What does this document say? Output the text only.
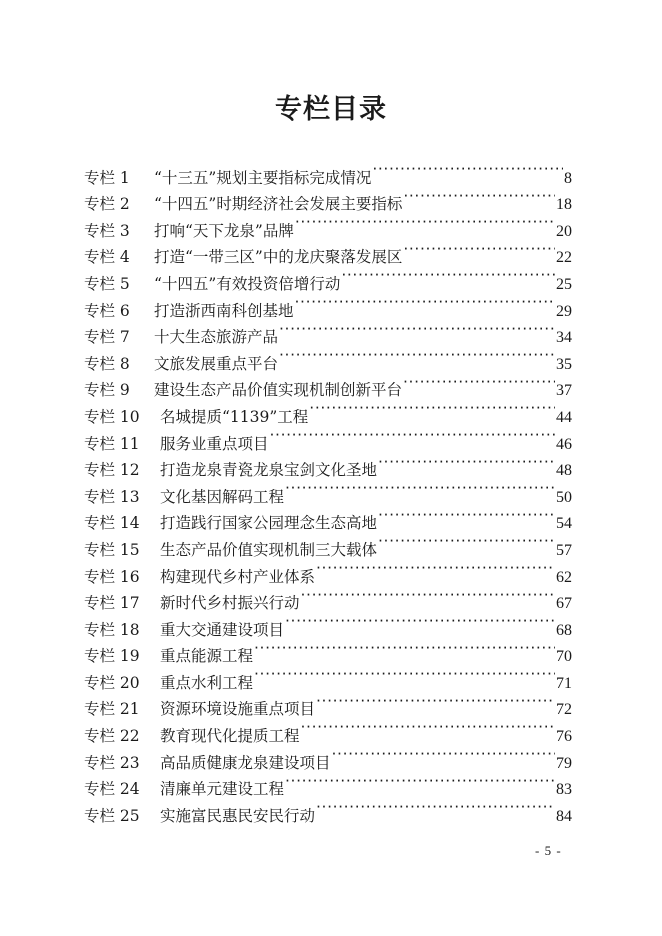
专栏目录
专栏 1	“十三五”规划主要指标完成情况 ·····	8
专栏 2	“十四五”时期经济社会发展主要指标 ·····	18
专栏 3	打响“天下龙泉”品牌 ·····	20
专栏 4	打造“一带三区”中的龙庆聚落发展区 ·····	22
专栏 5	“十四五”有效投资倍增行动 ·····	25
专栏 6	打造浙西南科创基地 ·····	29
专栏 7	十大生态旅游产品 ·····	34
专栏 8	文旅发展重点平台 ·····	35
专栏 9	建设生态产品价值实现机制创新平台 ·····	37
专栏 10	名城提质“1139”工程 ·····	44
专栏 11	服务业重点项目 ·····	46
专栏 12	打造龙泉青瓷龙泉宝剑文化圣地 ·····	48
专栏 13	文化基因解码工程 ·····	50
专栏 14	打造践行国家公园理念生态高地 ·····	54
专栏 15	生态产品价值实现机制三大载体 ·····	57
专栏 16	构建现代乡村产业体系 ·····	62
专栏 17	新时代乡村振兴行动 ·····	67
专栏 18	重大交通建设项目 ·····	68
专栏 19	重点能源工程 ·····	70
专栏 20	重点水利工程 ·····	71
专栏 21	资源环境设施重点项目 ·····	72
专栏 22	教育现代化提质工程 ·····	76
专栏 23	高品质健康龙泉建设项目 ·····	79
专栏 24	清廉单元建设工程 ·····	83
专栏 25	实施富民惠民安民行动 ·····	84
- 5 -
